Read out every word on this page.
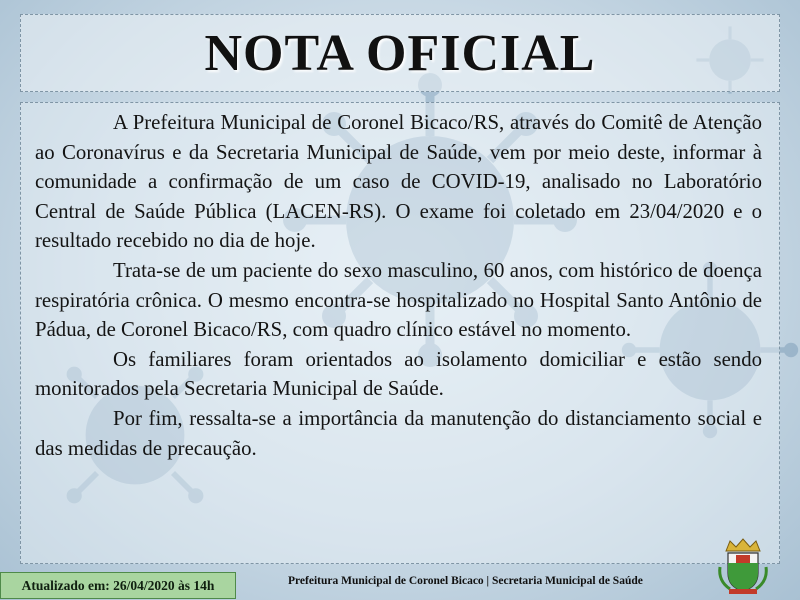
NOTA OFICIAL

A Prefeitura Municipal de Coronel Bicaco/RS, através do Comitê de Atenção ao Coronavírus e da Secretaria Municipal de Saúde, vem por meio deste, informar à comunidade a confirmação de um caso de COVID-19, analisado no Laboratório Central de Saúde Pública (LACEN-RS). O exame foi coletado em 23/04/2020 e o resultado recebido no dia de hoje.

Trata-se de um paciente do sexo masculino, 60 anos, com histórico de doença respiratória crônica. O mesmo encontra-se hospitalizado no Hospital Santo Antônio de Pádua, de Coronel Bicaco/RS, com quadro clínico estável no momento.

Os familiares foram orientados ao isolamento domiciliar e estão sendo monitorados pela Secretaria Municipal de Saúde.

Por fim, ressalta-se a importância da manutenção do distanciamento social e das medidas de precaução.

Atualizado em: 26/04/2020 às 14h	Prefeitura Municipal de Coronel Bicaco | Secretaria Municipal de Saúde
